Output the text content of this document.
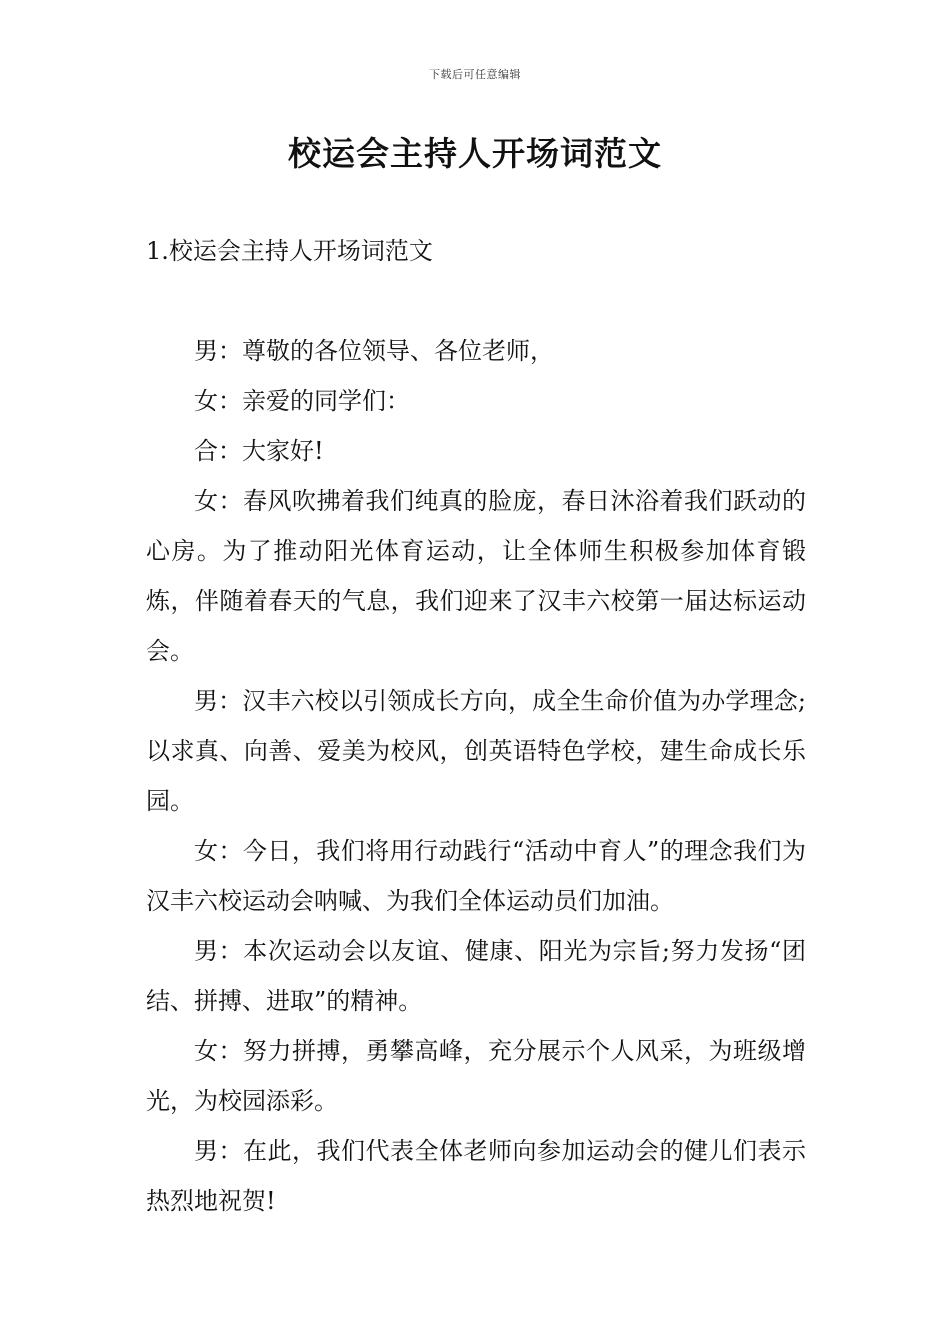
下载后可任意编辑
校运会主持人开场词范文
1.校运会主持人开场词范文

男：尊敬的各位领导、各位老师，

女：亲爱的同学们：

合：大家好!

女：春风吹拂着我们纯真的脸庞，春日沐浴着我们跃动的心房。为了推动阳光体育运动，让全体师生积极参加体育锻炼，伴随着春天的气息，我们迎来了汉丰六校第一届达标运动会。

男：汉丰六校以引领成长方向，成全生命价值为办学理念;以求真、向善、爱美为校风，创英语特色学校，建生命成长乐园。

女：今日，我们将用行动践行“活动中育人”的理念我们为汉丰六校运动会呐喊、为我们全体运动员们加油。

男：本次运动会以友谊、健康、阳光为宗旨;努力发扬“团结、拼搏、进取”的精神。

女：努力拼搏，勇攀高峰，充分展示个人风采，为班级增光，为校园添彩。

男：在此，我们代表全体老师向参加运动会的健儿们表示热烈地祝贺!
